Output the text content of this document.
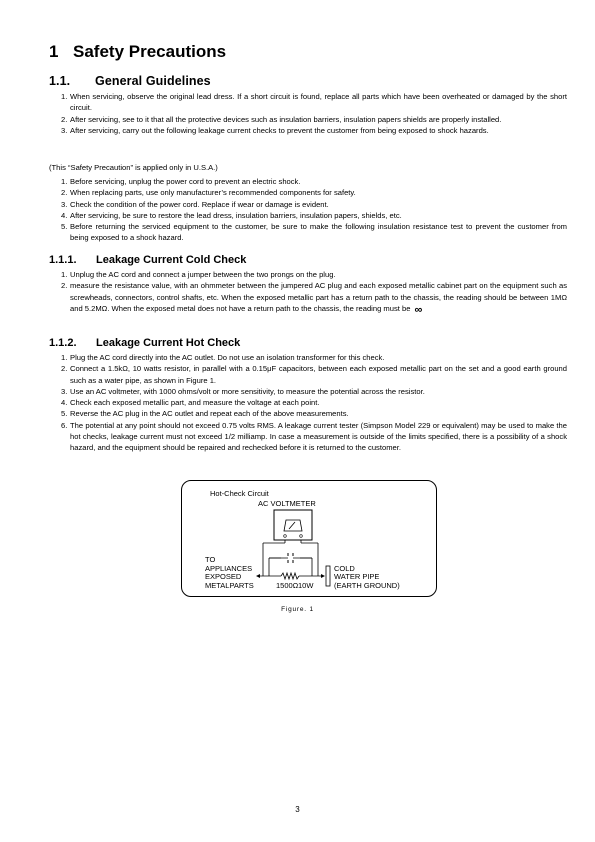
1 Safety Precautions
1.1. General Guidelines
1. When servicing, observe the original lead dress. If a short circuit is found, replace all parts which have been overheated or damaged by the short circuit.
2. After servicing, see to it that all the protective devices such as insulation barriers, insulation papers shields are properly installed.
3. After servicing, carry out the following leakage current checks to prevent the customer from being exposed to shock hazards.
(This “Safety Precaution” is applied only in U.S.A.)
1. Before servicing, unplug the power cord to prevent an electric shock.
2. When replacing parts, use only manufacturer’s recommended components for safety.
3. Check the condition of the power cord. Replace if wear or damage is evident.
4. After servicing, be sure to restore the lead dress, insulation barriers, insulation papers, shields, etc.
5. Before returning the serviced equipment to the customer, be sure to make the following insulation resistance test to prevent the customer from being exposed to a shock hazard.
1.1.1. Leakage Current Cold Check
1. Unplug the AC cord and connect a jumper between the two prongs on the plug.
2. measure the resistance value, with an ohmmeter between the jumpered AC plug and each exposed metallic cabinet part on the equipment such as screwheads, connectors, control shafts, etc. When the exposed metallic part has a return path to the chassis, the reading should be between 1MΩ and 5.2MΩ. When the exposed metal does not have a return path to the chassis, the reading must be ∞
1.1.2. Leakage Current Hot Check
1. Plug the AC cord directly into the AC outlet. Do not use an isolation transformer for this check.
2. Connect a 1.5kΩ, 10 watts resistor, in parallel with a 0.15μF capacitors, between each exposed metallic part on the set and a good earth ground such as a water pipe, as shown in Figure 1.
3. Use an AC voltmeter, with 1000 ohms/volt or more sensitivity, to measure the potential across the resistor.
4. Check each exposed metallic part, and measure the voltage at each point.
5. Reverse the AC plug in the AC outlet and repeat each of the above measurements.
6. The potential at any point should not exceed 0.75 volts RMS. A leakage current tester (Simpson Model 229 or equivalent) may be used to make the hot checks, leakage current must not exceed 1/2 milliamp. In case a measurement is outside of the limits specified, there is a possibility of a shock hazard, and the equipment should be repaired and rechecked before it is returned to the customer.
Hot-Check Circuit
AC VOLTMETER
TO
APPLIANCES
EXPOSED
METALPARTS	1500Ω 10W
COLD
WATER PIPE
(EARTH GROUND)
Figure. 1
3
